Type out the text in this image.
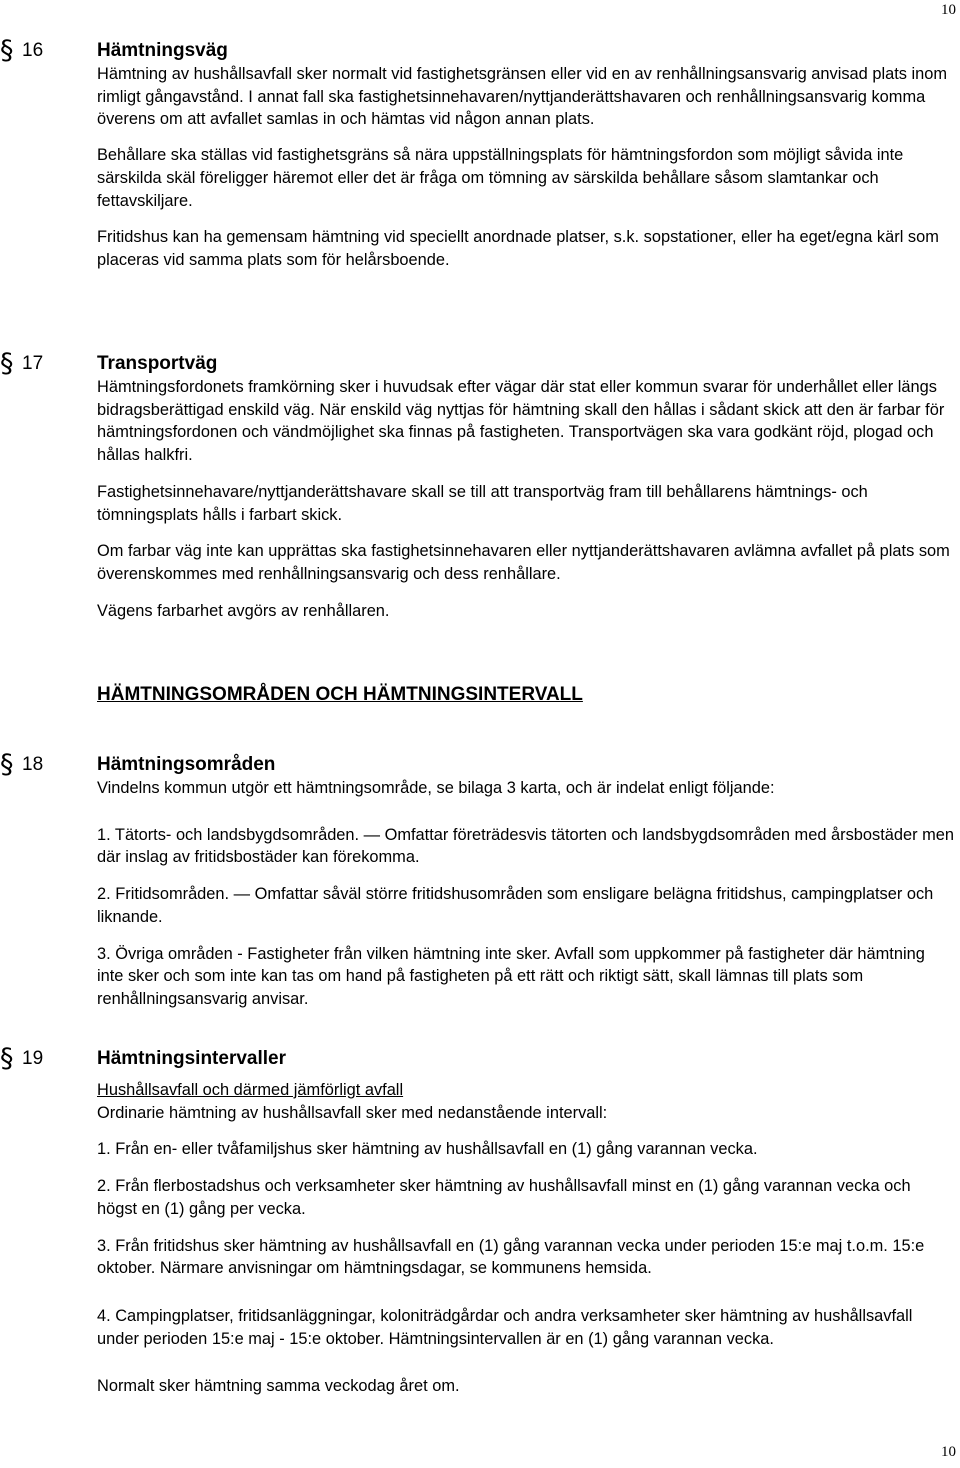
10
§ 16	Hämtningsväg

Hämtning av hushållsavfall sker normalt vid fastighetsgränsen eller vid en av renhållningsansvarig anvisad plats inom rimligt gångavstånd. I annat fall ska fastighetsinnehavaren/nyttjanderättshavaren och renhållningsansvarig komma överens om att avfallet samlas in och hämtas vid någon annan plats.

Behållare ska ställas vid fastighetsgräns så nära uppställningsplats för hämtningsfordon som möjligt såvida inte särskilda skäl föreligger häremot eller det är fråga om tömning av särskilda behållare såsom slamtankar och fettavskiljare.

Fritidshus kan ha gemensam hämtning vid speciellt anordnade platser, s.k. sopstationer, eller ha eget/egna kärl som placeras vid samma plats som för helårsboende.

§ 17	Transportväg

Hämtningsfordonets framkörning sker i huvudsak efter vägar där stat eller kommun svarar för underhållet eller längs bidragsberättigad enskild väg. När enskild väg nyttjas för hämtning skall den hållas i sådant skick att den är farbar för hämtningsfordonen och vändmöjlighet ska finnas på fastigheten. Transportvägen ska vara godkänt röjd, plogad och hållas halkfri.

Fastighetsinnehavare/nyttjanderättshavare skall se till att transportväg fram till behållarens hämtnings- och tömningsplats hålls i farbart skick.

Om farbar väg inte kan upprättas ska fastighetsinnehavaren eller nyttjanderättshavaren avlämna avfallet på plats som överenskommes med renhållningsansvarig och dess renhållare.

Vägens farbarhet avgörs av renhållaren.

HÄMTNINGSOMRÅDEN OCH HÄMTNINGSINTERVALL
§ 18	Hämtningsområden

Vindelns kommun utgör ett hämtningsområde, se bilaga 3 karta, och är indelat enligt följande:

1. Tätorts- och landsbygdsområden. — Omfattar företrädesvis tätorten och landsbygdsområden med årsbostäder men där inslag av fritidsbostäder kan förekomma.

2. Fritidsområden. — Omfattar såväl större fritidshusområden som ensligare belägna fritidshus, campingplatser och liknande.

3. Övriga områden - Fastigheter från vilken hämtning inte sker. Avfall som uppkommer på fastigheter där hämtning inte sker och som inte kan tas om hand på fastigheten på ett rätt och riktigt sätt, skall lämnas till plats som renhållningsansvarig anvisar.

§ 19	Hämtningsintervaller
Hushållsavfall och därmed jämförligt avfall

Ordinarie hämtning av hushållsavfall sker med nedanstående intervall:

1. Från en- eller tvåfamiljshus sker hämtning av hushållsavfall en (1) gång varannan vecka.

2. Från flerbostadshus och verksamheter sker hämtning av hushållsavfall minst en (1) gång varannan vecka och högst en (1) gång per vecka.

3. Från fritidshus sker hämtning av hushållsavfall en (1) gång varannan vecka under perioden 15:e maj t.o.m. 15:e oktober. Närmare anvisningar om hämtningsdagar, se kommunens hemsida.

4. Campingplatser, fritidsanläggningar, koloniträdgårdar och andra verksamheter sker hämtning av hushållsavfall under perioden 15:e maj - 15:e oktober. Hämtningsintervallen är en (1) gång varannan vecka.

Normalt sker hämtning samma veckodag året om.

10
